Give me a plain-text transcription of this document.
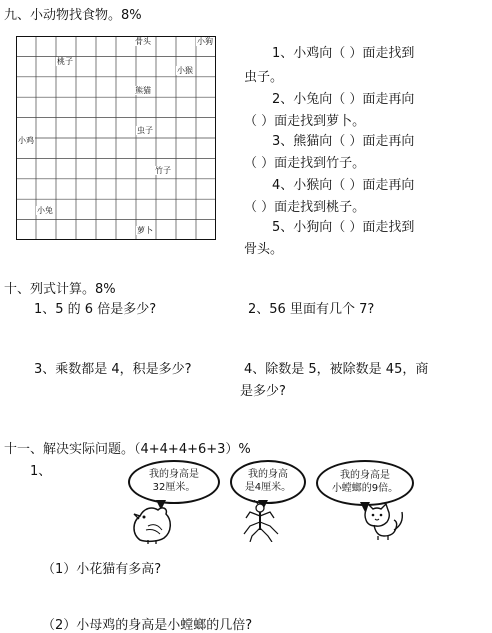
九、小动物找食物。8%
骨头	小狗
桃子
小猴
熊猫
虫子
小鸡
竹子
小兔
萝卜
1、小鸡向（ ）面走找到
虫子。
2、小兔向（ ）面走再向
（ ）面走找到萝卜。
3、熊猫向（ ）面走再向
（ ）面走找到竹子。
4、小猴向（ ）面走再向
（ ）面走找到桃子。
5、小狗向（ ）面走找到
骨头。
十、列式计算。8%
1、5 的 6 倍是多少?	2、56 里面有几个 7?
3、乘数都是 4，积是多少?	4、除数是 5，被除数是 45，商
是多少?
十一、解决实际问题。（4+4+4+6+3）%
1、	我的身高是
32厘米。
我的身高
是4厘米。
我的身高是
小螳螂的9倍。
（1）小花猫有多高?
（2）小母鸡的身高是小螳螂的几倍?
